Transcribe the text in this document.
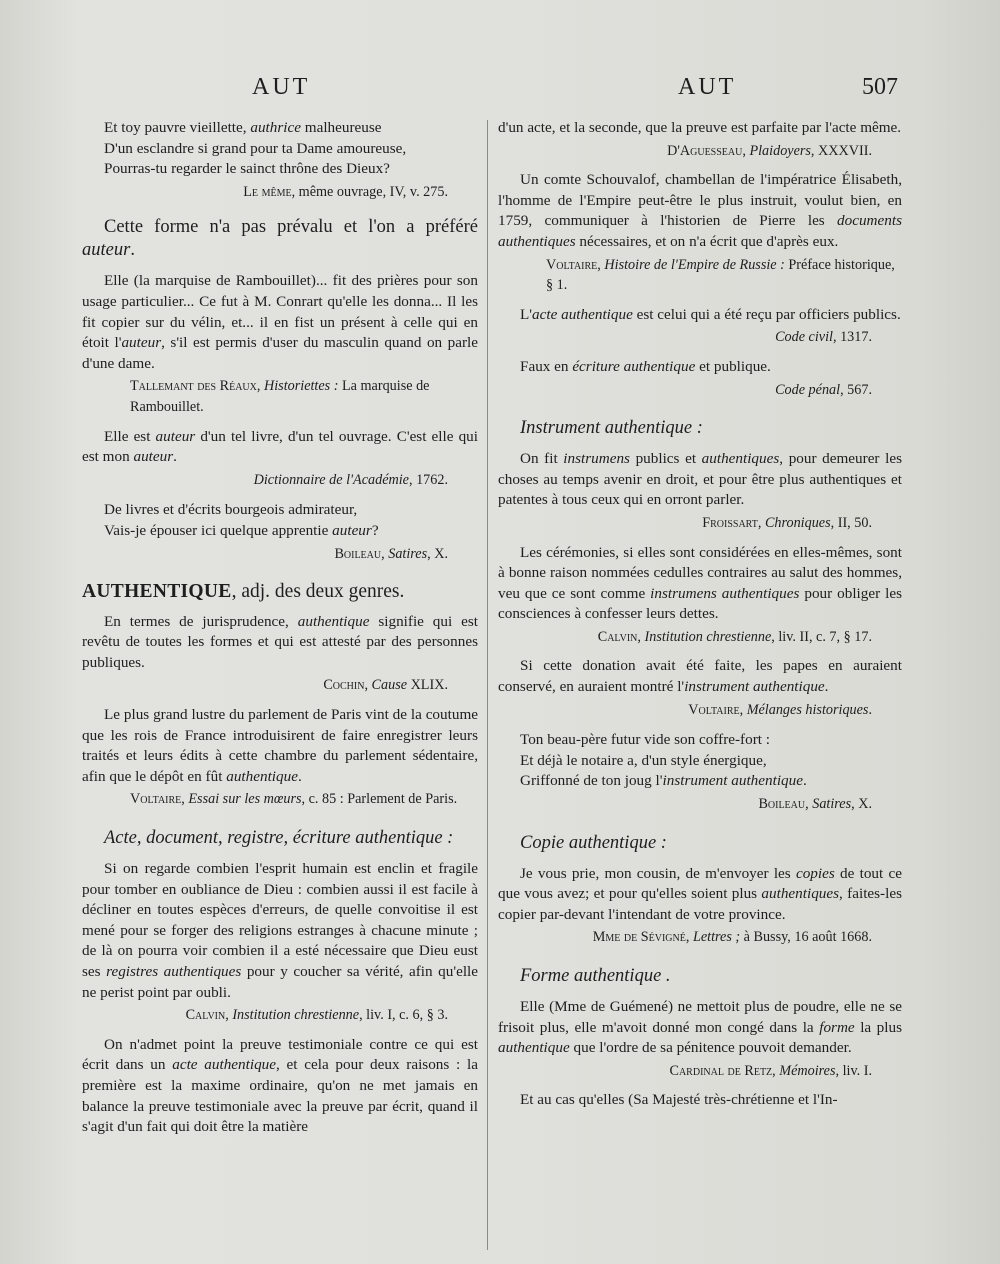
AUT	AUT	507
Et toy pauvre vieillette, authrice malheureuse
D'un esclandre si grand pour ta Dame amoureuse,
Pourras-tu regarder le sainct thrône des Dieux?
Le même, même ouvrage, IV, v. 275.

Cette forme n'a pas prévalu et l'on a préféré auteur.

Elle (la marquise de Rambouillet)... fit des prières pour son usage particulier... Ce fut à M. Conrart qu'elle les donna... Il les fit copier sur du vélin, et... il en fist un présent à celle qui en étoit l'auteur, s'il est permis d'user du masculin quand on parle d'une dame.

Tallemant des Réaux, Historiettes : La marquise de Rambouillet.

Elle est auteur d'un tel livre, d'un tel ouvrage. C'est elle qui est mon auteur.

Dictionnaire de l'Académie, 1762.
De livres et d'écrits bourgeois admirateur,
Vais-je épouser ici quelque apprentie auteur?
Boileau, Satires, X.

AUTHENTIQUE, adj. des deux genres.

En termes de jurisprudence, authentique signifie qui est revêtu de toutes les formes et qui est attesté par des personnes publiques.

Cochin, Cause XLIX.

Le plus grand lustre du parlement de Paris vint de la coutume que les rois de France introduisirent de faire enregistrer leurs traités et leurs édits à cette chambre du parlement sédentaire, afin que le dépôt en fût authentique.

Voltaire, Essai sur les mœurs, c. 85 : Parlement de Paris.

Acte, document, registre, écriture authentique :

Si on regarde combien l'esprit humain est enclin et fragile pour tomber en oubliance de Dieu : combien aussi il est facile à décliner en toutes espèces d'erreurs, de quelle convoitise il est mené pour se forger des religions estranges à chacune minute ; de là on pourra voir combien il a esté nécessaire que Dieu eust ses registres authentiques pour y coucher sa vérité, afin qu'elle ne perist point par oubli.

Calvin, Institution chrestienne, liv. I, c. 6, § 3.

On n'admet point la preuve testimoniale contre ce qui est écrit dans un acte authentique, et cela pour deux raisons : la première est la maxime ordinaire, qu'on ne met jamais en balance la preuve testimoniale avec la preuve par écrit, quand il s'agit d'un fait qui doit être la matière

d'un acte, et la seconde, que la preuve est parfaite par l'acte même.

D'Aguesseau, Plaidoyers, XXXVII.

Un comte Schouvalof, chambellan de l'impératrice Élisabeth, l'homme de l'Empire peut-être le plus instruit, voulut bien, en 1759, communiquer à l'historien de Pierre les documents authentiques nécessaires, et on n'a écrit que d'après eux.

Voltaire, Histoire de l'Empire de Russie : Préface historique, § 1.

L'acte authentique est celui qui a été reçu par officiers publics.

Code civil, 1317.

Faux en écriture authentique et publique.

Code pénal, 567.

Instrument authentique :

On fit instrumens publics et authentiques, pour demeurer les choses au temps avenir en droit, et pour être plus authentiques et patentes à tous ceux qui en orront parler.

Froissart, Chroniques, II, 50.

Les cérémonies, si elles sont considérées en elles-mêmes, sont à bonne raison nommées cedulles contraires au salut des hommes, veu que ce sont comme instrumens authentiques pour obliger les consciences à confesser leurs dettes.

Calvin, Institution chrestienne, liv. II, c. 7, § 17.

Si cette donation avait été faite, les papes en auraient conservé, en auraient montré l'instrument authentique.

Voltaire, Mélanges historiques.
Ton beau-père futur vide son coffre-fort :
Et déjà le notaire a, d'un style énergique,
Griffonné de ton joug l'instrument authentique.
Boileau, Satires, X.

Copie authentique :

Je vous prie, mon cousin, de m'envoyer les copies de tout ce que vous avez; et pour qu'elles soient plus authentiques, faites-les copier par-devant l'intendant de votre province.

Mme de Sévigné, Lettres ; à Bussy, 16 août 1668.

Forme authentique .

Elle (Mme de Guémené) ne mettoit plus de poudre, elle ne se frisoit plus, elle m'avoit donné mon congé dans la forme la plus authentique que l'ordre de sa pénitence pouvoit demander.

Cardinal de Retz, Mémoires, liv. I.

Et au cas qu'elles (Sa Majesté très-chrétienne et l'In-
